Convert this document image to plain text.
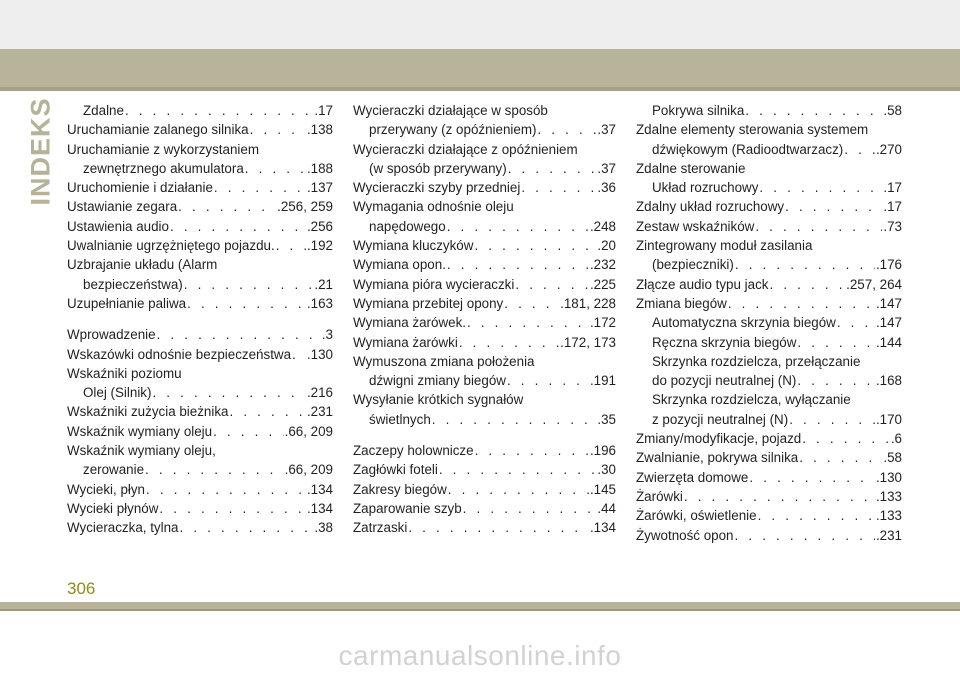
INDEKS Zdalne . . .	.17
Uruchamianie zalanego silnika . . .	.138
Uruchamianie z wykorzystaniem
zewnętrznego akumulatora . . .	.188
Uruchomienie i działanie . . .	.137
Ustawianie zegara . . .	.256, 259
Ustawienia audio . . .	.256
Uwalnianie ugrzężniętego pojazdu. . . . .192
Uzbrajanie układu (Alarm
bezpieczeństwa) . . .	.21
Uzupełnianie paliwa . . .	.163
Wprowadzenie . . .	.3
Wskazówki odnośnie bezpieczeństwa . . . .130
Wskaźniki poziomu
Olej (Silnik) . . .	.216
Wskaźniki zużycia bieżnika . . .	.231
Wskaźnik wymiany oleju . . .	.66, 209
Wskaźnik wymiany oleju,
zerowanie . . .	.66, 209
Wycieki, płyn . . .	.134
Wycieki płynów . . .	.134
Wycieraczka, tylna . . .	.38
Wycieraczki działające w sposób
przerywany (z opóźnieniem) . . .	.37
Wycieraczki działające z opóźnieniem
(w sposób przerywany) . . .	.37
Wycieraczki szyby przedniej . . .	.36
Wymagania odnośnie oleju
napędowego . . .	.248
Wymiana kluczyków . . .	.20
Wymiana opon. . . .	.232
Wymiana pióra wycieraczki . . .	.225
Wymiana przebitej opony . . .	.181, 228
Wymiana żarówek. . . .	.172
Wymiana żarówki . . .	.172, 173
Wymuszona zmiana położenia
dźwigni zmiany biegów . . .	.191
Wysyłanie krótkich sygnałów
świetlnych . . .	.35
Zaczepy holownicze . . .	.196
Zagłówki foteli . . .	.30
Zakresy biegów . . .	.145
Zaparowanie szyb . . .	.44
Zatrzaski . . .	.134
Pokrywa silnika . . .	.58
Zdalne elementy sterowania systemem
dźwiękowym (Radioodtwarzacz) . . . .270
Zdalne sterowanie
Układ rozruchowy . . .	.17
Zdalny układ rozruchowy . . .	.17
Zestaw wskaźników . . .	.73
Zintegrowany moduł zasilania
(bezpieczniki) . . .	.176
Złącze audio typu jack . . .	.257, 264
Zmiana biegów . . .	.147
Automatyczna skrzynia biegów . . .	.147
Ręczna skrzynia biegów . . .	.144
Skrzynka rozdzielcza, przełączanie
do pozycji neutralnej (N) . . .	.168
Skrzynka rozdzielcza, wyłączanie
z pozycji neutralnej (N) . . .	.170
Zmiany/modyfikacje, pojazd . . .	.6
Zwalnianie, pokrywa silnika . . .	.58
Zwierzęta domowe . . .	.130
Żarówki . . .	.133
Żarówki, oświetlenie . . .	.133
Żywotność opon . . .	.231
306
carmanualsonline.info
